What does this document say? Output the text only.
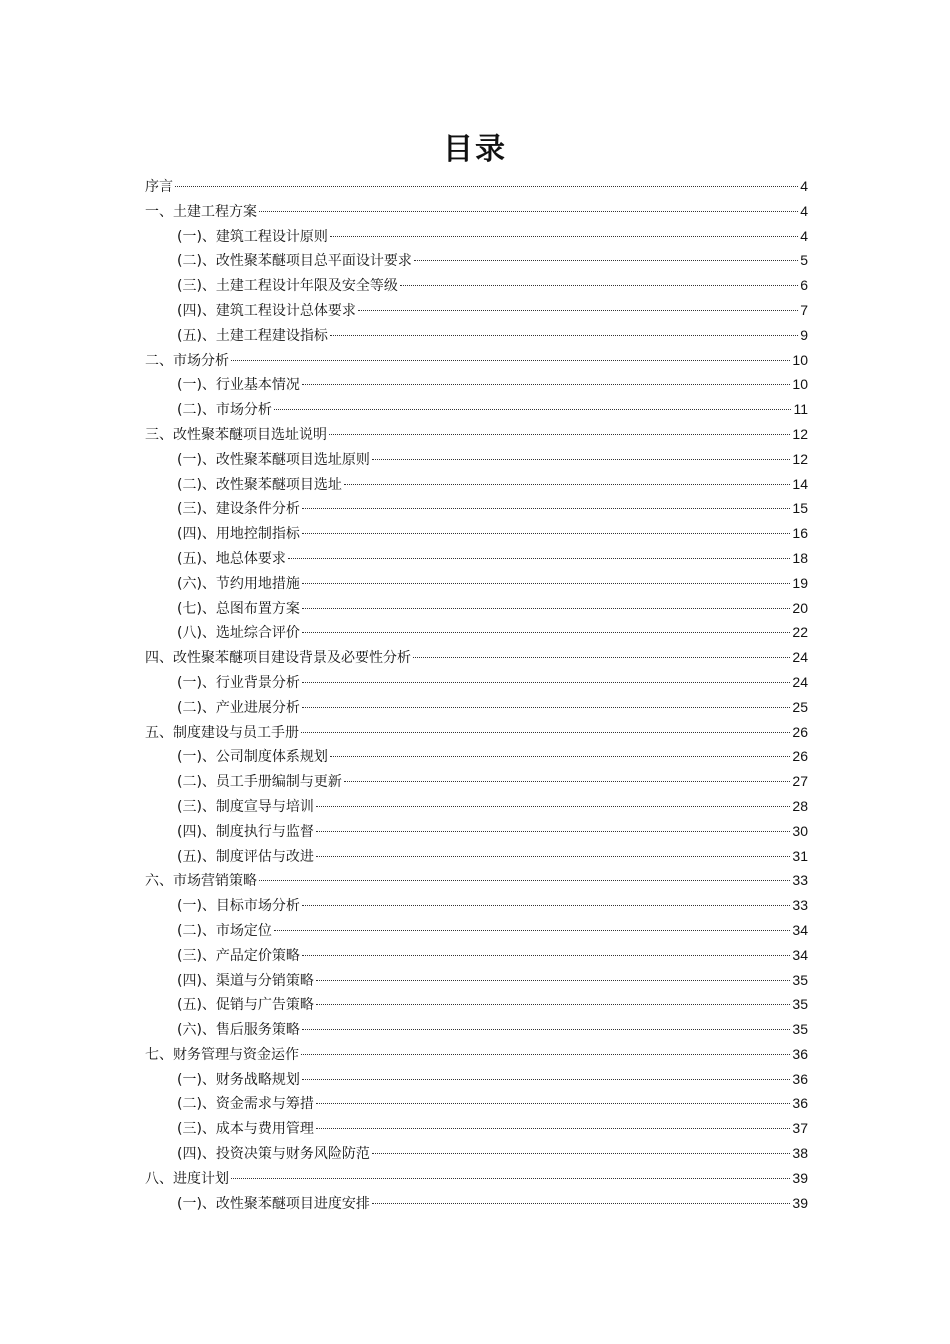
目录
序言	4
一、土建工程方案	4
(一)、建筑工程设计原则	4
(二)、改性聚苯醚项目总平面设计要求	5
(三)、土建工程设计年限及安全等级	6
(四)、建筑工程设计总体要求	7
(五)、土建工程建设指标	9
二、市场分析	10
(一)、行业基本情况	10
(二)、市场分析	11
三、改性聚苯醚项目选址说明	12
(一)、改性聚苯醚项目选址原则	12
(二)、改性聚苯醚项目选址	14
(三)、建设条件分析	15
(四)、用地控制指标	16
(五)、地总体要求	18
(六)、节约用地措施	19
(七)、总图布置方案	20
(八)、选址综合评价	22
四、改性聚苯醚项目建设背景及必要性分析	24
(一)、行业背景分析	24
(二)、产业进展分析	25
五、制度建设与员工手册	26
(一)、公司制度体系规划	26
(二)、员工手册编制与更新	27
(三)、制度宣导与培训	28
(四)、制度执行与监督	30
(五)、制度评估与改进	31
六、市场营销策略	33
(一)、目标市场分析	33
(二)、市场定位	34
(三)、产品定价策略	34
(四)、渠道与分销策略	35
(五)、促销与广告策略	35
(六)、售后服务策略	35
七、财务管理与资金运作	36
(一)、财务战略规划	36
(二)、资金需求与筹措	36
(三)、成本与费用管理	37
(四)、投资决策与财务风险防范	38
八、进度计划	39
(一)、改性聚苯醚项目进度安排	39
